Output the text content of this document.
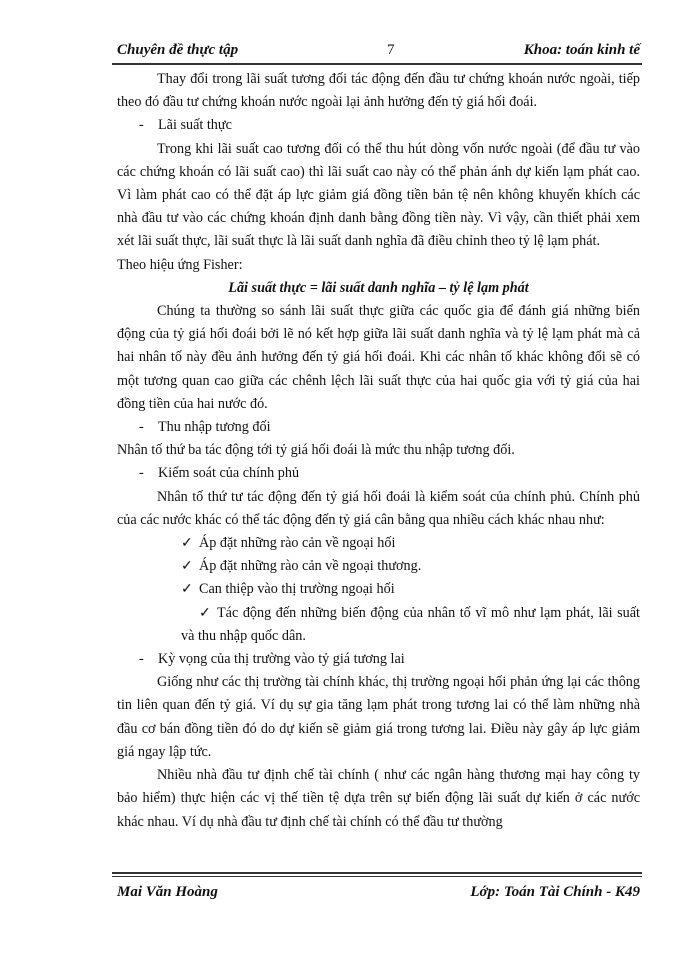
Chuyên đề thực tập	7	Khoa: toán kinh tế

Thay đổi trong lãi suất tương đối tác động đến đầu tư chứng khoán nước ngoài, tiếp theo đó đầu tư chứng khoán nước ngoài lại ảnh hưởng đến tỷ giá hối đoái.

- Lãi suất thực

Trong khi lãi suất cao tương đối có thể thu hút dòng vốn nước ngoài (để đầu tư vào các chứng khoán có lãi suất cao) thì lãi suất cao này có thể phản ánh dự kiến lạm phát cao. Vì làm phát cao có thể đặt áp lực giảm giá đồng tiền bản tệ nên không khuyến khích các nhà đầu tư vào các chứng khoán định danh bằng đồng tiền này. Vì vậy, cần thiết phải xem xét lãi suất thực, lãi suất thực là lãi suất danh nghĩa đã điều chỉnh theo tỷ lệ lạm phát.

Theo hiệu ứng Fisher:

Lãi suất thực = lãi suất danh nghĩa – tỷ lệ lạm phát

Chúng ta thường so sánh lãi suất thực giữa các quốc gia để đánh giá những biến động của tỷ giá hối đoái bởi lẽ nó kết hợp giữa lãi suất danh nghĩa và tỷ lệ lạm phát mà cả hai nhân tố này đều ảnh hưởng đến tỷ giá hối đoái. Khi các nhân tố khác không đổi sẽ có một tương quan cao giữa các chênh lệch lãi suất thực của hai quốc gia với tỷ giá của hai đồng tiền của hai nước đó.

- Thu nhập tương đối

Nhân tố thứ ba tác động tới tỷ giá hối đoái là mức thu nhập tương đối.

- Kiểm soát của chính phủ

Nhân tố thứ tư tác động đến tỷ giá hối đoái là kiểm soát của chính phủ. Chính phủ của các nước khác có thể tác động đến tỷ giá cân bằng qua nhiều cách khác nhau như:

✓ Áp đặt những rào cản về ngoại hối

✓ Áp đặt những rào cản về ngoại thương.

✓ Can thiệp vào thị trường ngoại hối

✓ Tác động đến những biến động của nhân tố vĩ mô như lạm phát, lãi suất và thu nhập quốc dân.

- Kỳ vọng của thị trường vào tỷ giá tương lai

Giống như các thị trường tài chính khác, thị trường ngoại hối phản ứng lại các thông tin liên quan đến tỷ giá. Ví dụ sự gia tăng lạm phát trong tương lai có thể làm những nhà đầu cơ bán đồng tiền đó do dự kiến sẽ giảm giá trong tương lai. Điều này gây áp lực giảm giá ngay lập tức.

Nhiều nhà đầu tư định chế tài chính ( như các ngân hàng thương mại hay công ty bảo hiểm) thực hiện các vị thế tiền tệ dựa trên sự biến động lãi suất dự kiến ở các nước khác nhau. Ví dụ nhà đầu tư định chế tài chính có thể đầu tư thường

Mai Văn Hoàng	Lớp: Toán Tài Chính - K49
